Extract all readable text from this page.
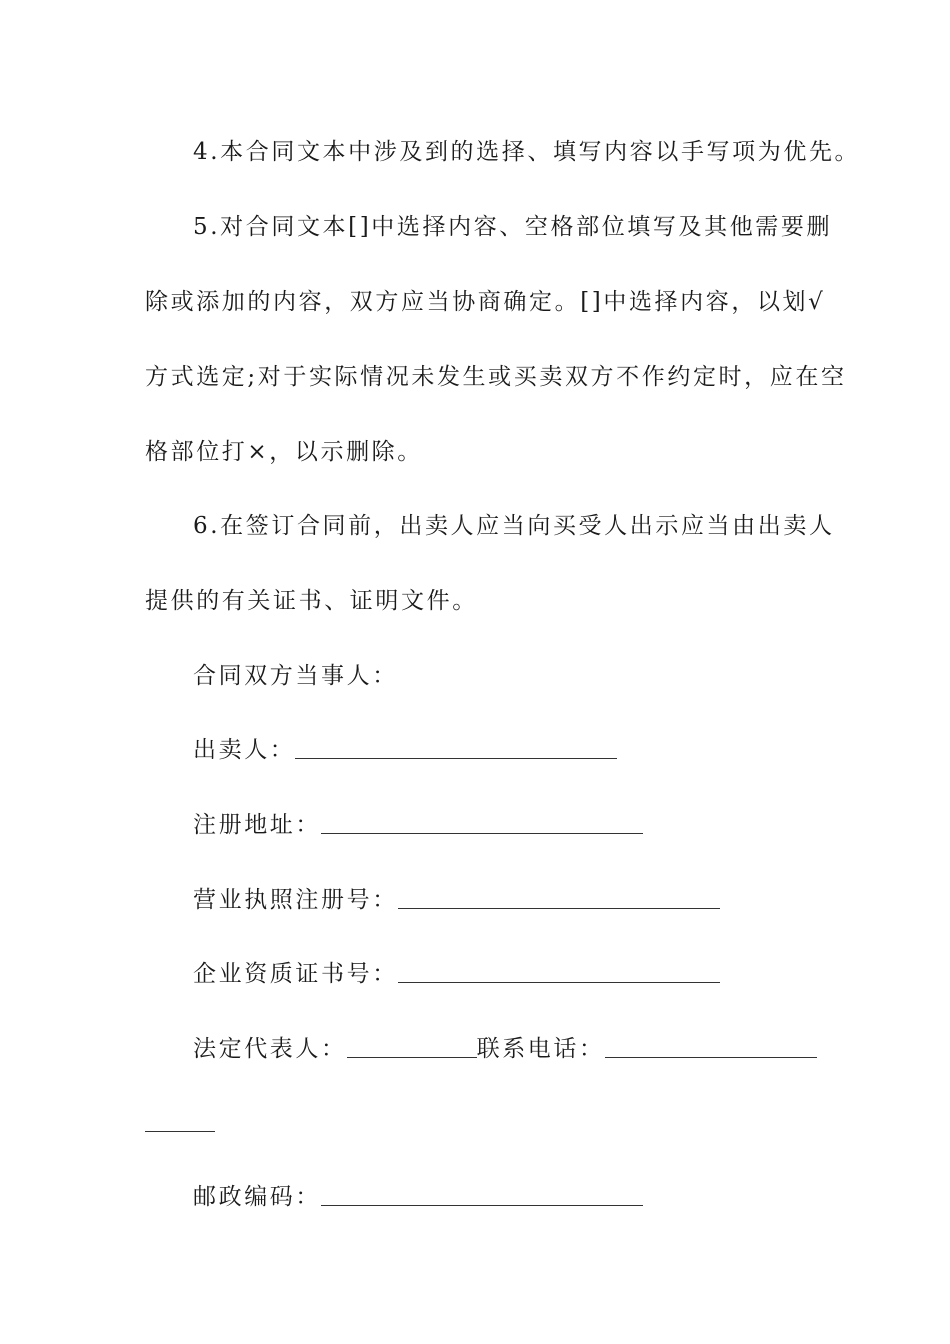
4.本合同文本中涉及到的选择、填写内容以手写项为优先。
5.对合同文本[]中选择内容、空格部位填写及其他需要删
除或添加的内容，双方应当协商确定。[]中选择内容，以划√
方式选定;对于实际情况未发生或买卖双方不作约定时，应在空
格部位打×，以示删除。
6.在签订合同前，出卖人应当向买受人出示应当由出卖人
提供的有关证书、证明文件。
合同双方当事人：
出卖人：
注册地址：
营业执照注册号：
企业资质证书号：
法定代表人：	联系电话：
邮政编码：
